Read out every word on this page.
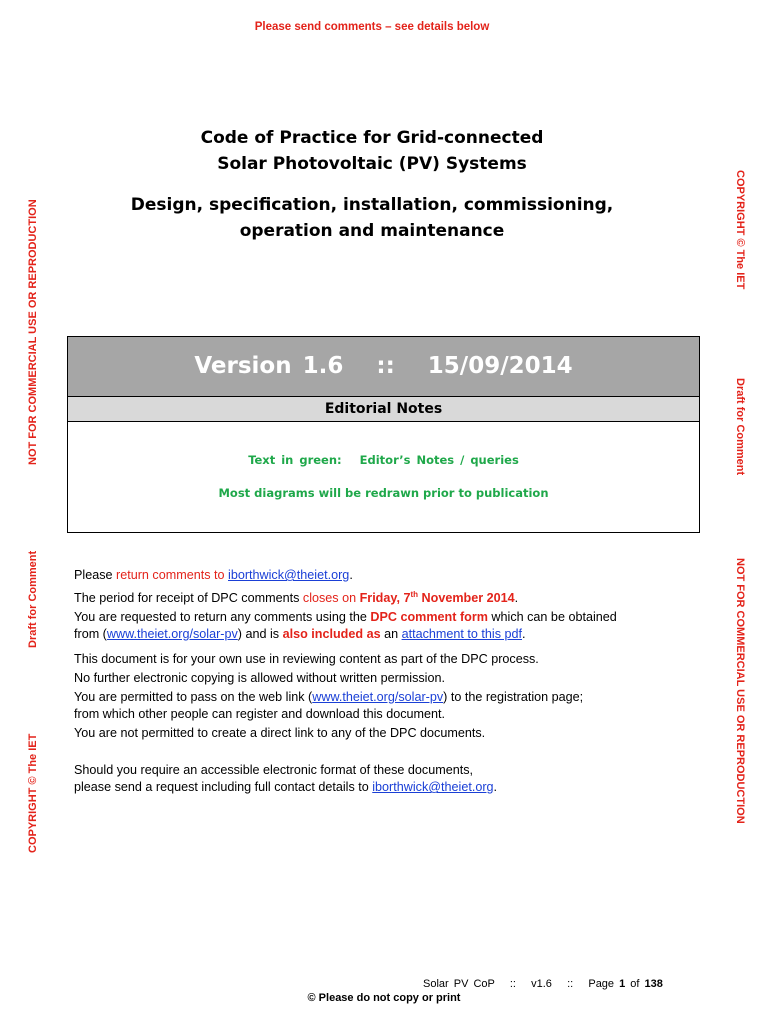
Please send comments – see details below
Code of Practice for Grid-connected
Solar Photovoltaic (PV) Systems
Design, specification, installation, commissioning,
operation and maintenance
NOT FOR COMMERCIAL USE OR REPRODUCTION
Draft for Comment
COPYRIGHT © The IET
COPYRIGHT © The IET
Draft for Comment
NOT FOR COMMERCIAL USE OR REPRODUCTION
Version 1.6   ::   15/09/2014
Editorial Notes
Text in green:   Editor’s Notes / queries
Most diagrams will be redrawn prior to publication

Please return comments to iborthwick@theiet.org.

The period for receipt of DPC comments closes on Friday, 7th November 2014.

You are requested to return any comments using the DPC comment form which can be obtained

from (www.theiet.org/solar-pv) and is also included as an attachment to this pdf.

This document is for your own use in reviewing content as part of the DPC process.

No further electronic copying is allowed without written permission.

You are permitted to pass on the web link (www.theiet.org/solar-pv) to the registration page;

from which other people can register and download this document.

You are not permitted to create a direct link to any of the DPC documents.

Should you require an accessible electronic format of these documents,

please send a request including full contact details to iborthwick@theiet.org.

Solar PV CoP   ::   v1.6   ::   Page 1 of 138
© Please do not copy or print
